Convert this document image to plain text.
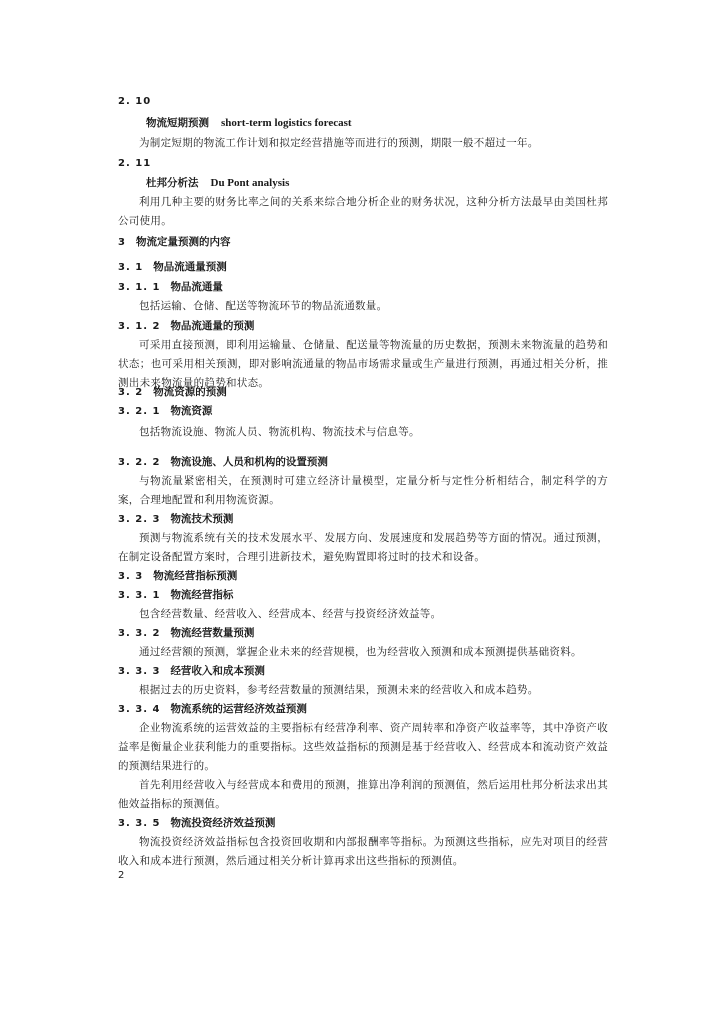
2. 10
物流短期预测 short-term logistics forecast

为制定短期的物流工作计划和拟定经营措施等而进行的预测，期限一般不超过一年。

2. 11
杜邦分析法 Du Pont analysis

利用几种主要的财务比率之间的关系来综合地分析企业的财务状况，这种分析方法最早由美国杜邦公司使用。

3 物流定量预测的内容
3. 1 物品流通量预测
3. 1. 1 物品流通量

包括运输、仓储、配送等物流环节的物品流通数量。

3. 1. 2 物品流通量的预测

可采用直接预测，即利用运输量、仓储量、配送量等物流量的历史数据，预测未来物流量的趋势和状态；也可采用相关预测，即对影响流通量的物品市场需求量或生产量进行预测，再通过相关分析，推测出未来物流量的趋势和状态。

3. 2 物流资源的预测
3. 2. 1 物流资源

包括物流设施、物流人员、物流机构、物流技术与信息等。

3. 2. 2 物流设施、人员和机构的设置预测

与物流量紧密相关，在预测时可建立经济计量模型，定量分析与定性分析相结合，制定科学的方案，合理地配置和利用物流资源。

3. 2. 3 物流技术预测

预测与物流系统有关的技术发展水平、发展方向、发展速度和发展趋势等方面的情况。通过预测，在制定设备配置方案时，合理引进新技术，避免购置即将过时的技术和设备。

3. 3 物流经营指标预测
3. 3. 1 物流经营指标

包含经营数量、经营收入、经营成本、经营与投资经济效益等。

3. 3. 2 物流经营数量预测

通过经营额的预测，掌握企业未来的经营规模，也为经营收入预测和成本预测提供基础资料。

3. 3. 3 经营收入和成本预测

根据过去的历史资料，参考经营数量的预测结果，预测未来的经营收入和成本趋势。

3. 3. 4 物流系统的运营经济效益预测

企业物流系统的运营效益的主要指标有经营净利率、资产周转率和净资产收益率等，其中净资产收益率是衡量企业获利能力的重要指标。这些效益指标的预测是基于经营收入、经营成本和流动资产效益的预测结果进行的。

首先利用经营收入与经营成本和费用的预测，推算出净利润的预测值，然后运用杜邦分析法求出其他效益指标的预测值。

3. 3. 5 物流投资经济效益预测

物流投资经济效益指标包含投资回收期和内部报酬率等指标。为预测这些指标，应先对项目的经营收入和成本进行预测，然后通过相关分析计算再求出这些指标的预测值。

2
